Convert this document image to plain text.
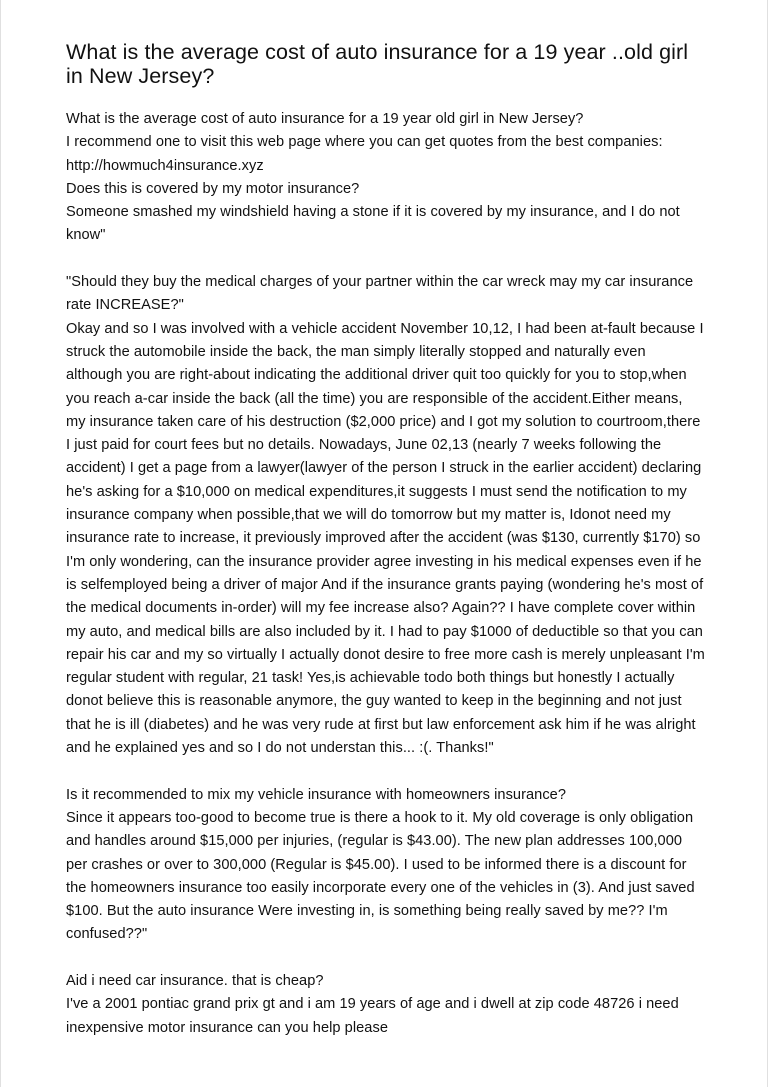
What is the average cost of auto insurance for a 19 year ..old girl in New Jersey?

What is the average cost of auto insurance for a 19 year old girl in New Jersey?

I recommend one to visit this web page where you can get quotes from the best companies:

http://howmuch4insurance.xyz

Does this is covered by my motor insurance?

Someone smashed my windshield having a stone if it is covered by my insurance, and I do not know"

"Should they buy the medical charges of your partner within the car wreck may my car insurance rate INCREASE?"

Okay and so I was involved with a vehicle accident November 10,12, I had been at-fault because I struck the automobile inside the back, the man simply literally stopped and naturally even although you are right-about indicating the additional driver quit too quickly for you to stop,when you reach a-car inside the back (all the time) you are responsible of the accident.Either means, my insurance taken care of his destruction ($2,000 price) and I got my solution to courtroom,there I just paid for court fees but no details. Nowadays, June 02,13 (nearly 7 weeks following the accident) I get a page from a lawyer(lawyer of the person I struck in the earlier accident) declaring he's asking for a $10,000 on medical expenditures,it suggests I must send the notification to my insurance company when possible,that we will do tomorrow but my matter is, Idonot need my insurance rate to increase, it previously improved after the accident (was $130, currently $170) so I'm only wondering, can the insurance provider agree investing in his medical expenses even if he is selfemployed being a driver of major And if the insurance grants paying (wondering he's most of the medical documents in-order) will my fee increase also? Again?? I have complete cover within my auto, and medical bills are also included by it. I had to pay $1000 of deductible so that you can repair his car and my so virtually I actually donot desire to free more cash is merely unpleasant I'm regular student with regular, 21 task! Yes,is achievable todo both things but honestly I actually donot believe this is reasonable anymore, the guy wanted to keep in the beginning and not just that he is ill (diabetes) and he was very rude at first but law enforcement ask him if he was alright and he explained yes and so I do not understan this... :(. Thanks!"

Is it recommended to mix my vehicle insurance with homeowners insurance?

Since it appears too-good to become true is there a hook to it. My old coverage is only obligation and handles around $15,000 per injuries, (regular is $43.00). The new plan addresses 100,000 per crashes or over to 300,000 (Regular is $45.00). I used to be informed there is a discount for the homeowners insurance too easily incorporate every one of the vehicles in (3). And just saved $100. But the auto insurance Were investing in, is something being really saved by me?? I'm confused??"

Aid i need car insurance. that is cheap?

I've a 2001 pontiac grand prix gt and i am 19 years of age and i dwell at zip code 48726 i need inexpensive motor insurance can you help please
